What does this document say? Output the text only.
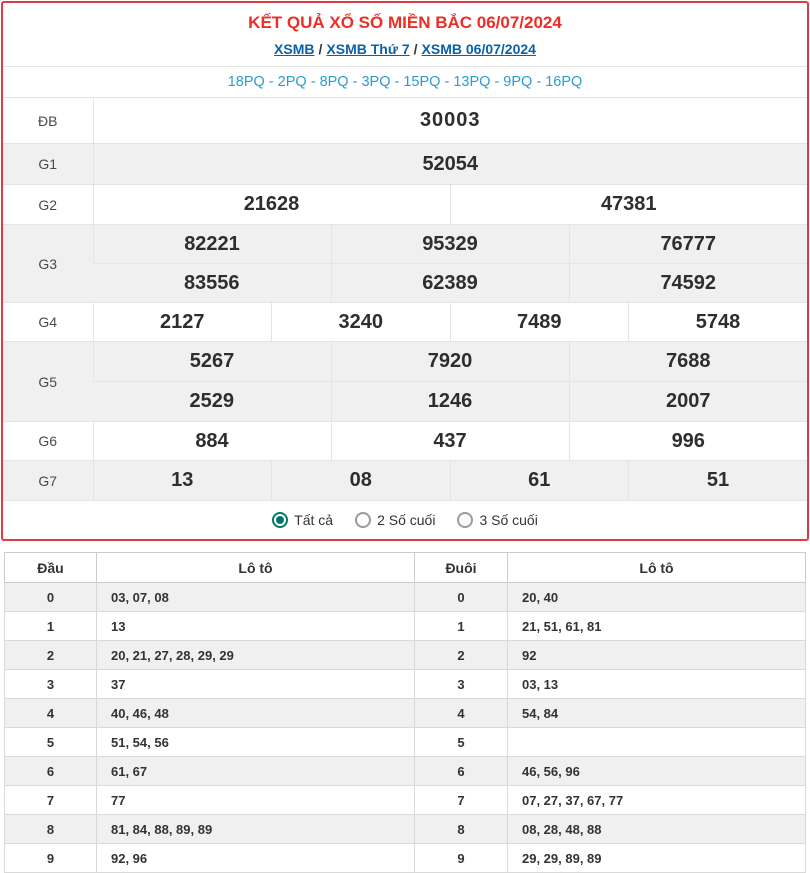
KẾT QUẢ XỔ SỐ MIỀN BẮC 06/07/2024
XSMB / XSMB Thứ 7 / XSMB 06/07/2024
18PQ - 2PQ - 8PQ - 3PQ - 15PQ - 13PQ - 9PQ - 16PQ
ĐB	30003					
G1	52054					
G2	21628			47381		
G3	82221		95329		76777	
	83556		62389		74592	
G4	2127	3240		7489		5748
G5	5267		7920		7688	
	2529		1246		2007	
G6	884		437		996	
G7	13	08		61		51
Tất cả	2 Số cuối	3 Số cuối
Đầu	Lô tô	Đuôi	Lô tô
0	03, 07, 08	0	20, 40
1	13	1	21, 51, 61, 81
2	20, 21, 27, 28, 29, 29	2	92
3	37	3	03, 13
4	40, 46, 48	4	54, 84
5	51, 54, 56	5	
6	61, 67	6	46, 56, 96
7	77	7	07, 27, 37, 67, 77
8	81, 84, 88, 89, 89	8	08, 28, 48, 88
9	92, 96	9	29, 29, 89, 89
